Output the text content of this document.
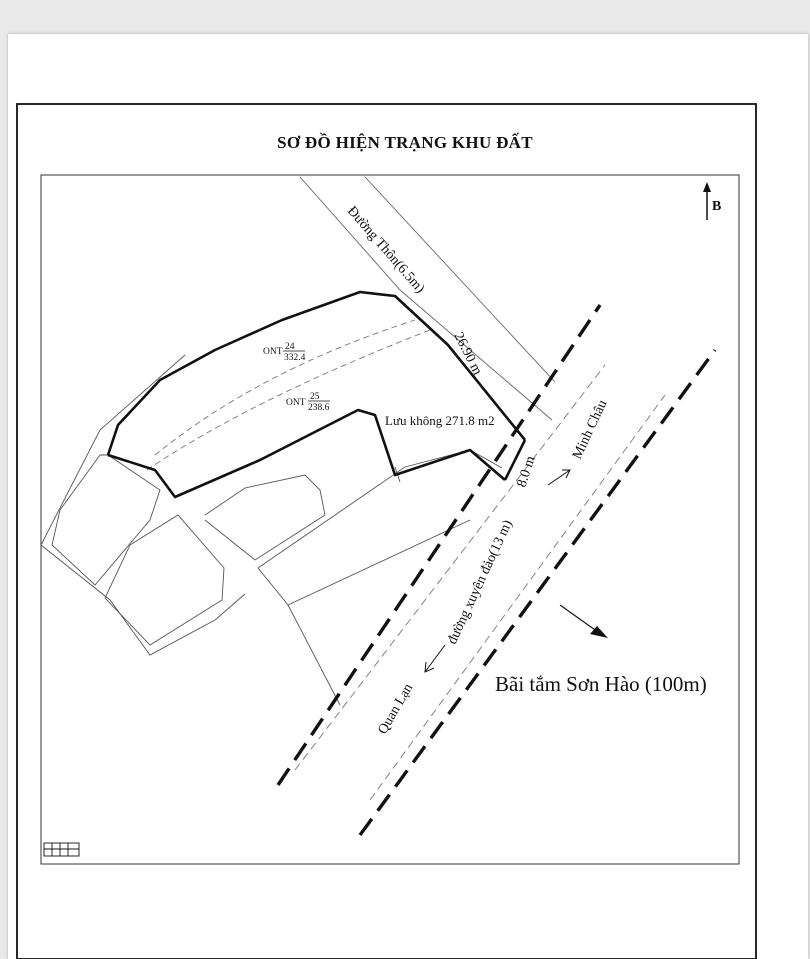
SƠ ĐỒ HIỆN TRẠNG KHU ĐẤT
B
Đường Thôn(6.5m)
26.90 m
8.0 m
Lưu không 271.8 m2
đường xuyên đảo(13 m)
Minh Châu
Quan Lạn	Bãi tắm Sơn Hào (100m)
ONT 24
332.4
ONT
25
238.6
